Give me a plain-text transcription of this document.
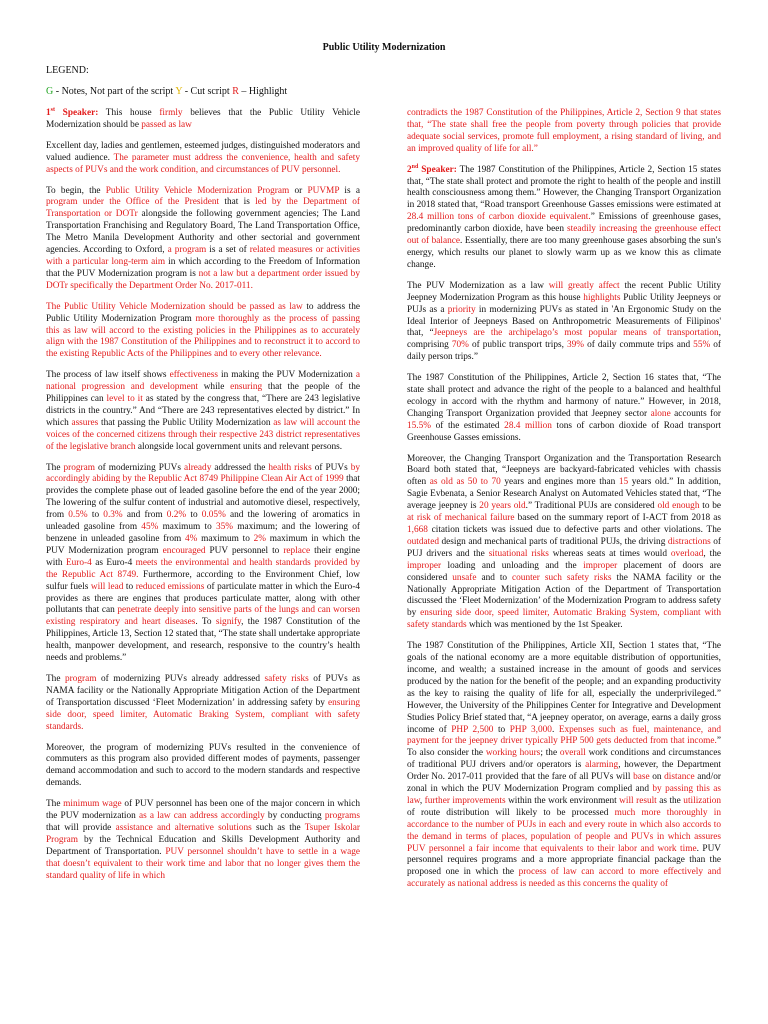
Public Utility Modernization
LEGEND:
G - Notes, Not part of the script Y - Cut script R – Highlight

1st Speaker: This house firmly believes that the Public Utility Vehicle Modernization should be passed as law

Excellent day, ladies and gentlemen, esteemed judges, distinguished moderators and valued audience. The parameter must address the convenience, health and safety aspects of PUVs and the work condition, and circumstances of PUV personnel.

To begin, the Public Utility Vehicle Modernization Program or PUVMP is a program under the Office of the President that is led by the Department of Transportation or DOTr alongside the following government agencies; The Land Transportation Franchising and Regulatory Board, The Land Transportation Office, The Metro Manila Development Authority and other sectorial and government agencies. According to Oxford, a program is a set of related measures or activities with a particular long-term aim in which according to the Freedom of Information that the PUV Modernization program is not a law but a department order issued by DOTr specifically the Department Order No. 2017-011.

The Public Utility Vehicle Modernization should be passed as law to address the Public Utility Modernization Program more thoroughly as the process of passing this as law will accord to the existing policies in the Philippines as to accurately align with the 1987 Constitution of the Philippines and to reconstruct it to accord to the existing Republic Acts of the Philippines and to every other relevance.

The process of law itself shows effectiveness in making the PUV Modernization a national progression and development while ensuring that the people of the Philippines can level to it as stated by the congress that, “There are 243 legislative districts in the country.” And “There are 243 representatives elected by district.” In which assures that passing the Public Utility Modernization as law will account the voices of the concerned citizens through their respective 243 district representatives of the legislative branch alongside local government units and relevant persons.

The program of modernizing PUVs already addressed the health risks of PUVs by accordingly abiding by the Republic Act 8749 Philippine Clean Air Act of 1999 that provides the complete phase out of leaded gasoline before the end of the year 2000; The lowering of the sulfur content of industrial and automotive diesel, respectively, from 0.5% to 0.3% and from 0.2% to 0.05% and the lowering of aromatics in unleaded gasoline from 45% maximum to 35% maximum; and the lowering of benzene in unleaded gasoline from 4% maximum to 2% maximum in which the PUV Modernization program encouraged PUV personnel to replace their engine with Euro-4 as Euro-4 meets the environmental and health standards provided by the Republic Act 8749. Furthermore, according to the Environment Chief, low sulfur fuels will lead to reduced emissions of particulate matter in which the Euro-4 provides as there are engines that produces particulate matter, along with other pollutants that can penetrate deeply into sensitive parts of the lungs and can worsen existing respiratory and heart diseases. To signify, the 1987 Constitution of the Philippines, Article 13, Section 12 stated that, “The state shall undertake appropriate health, manpower development, and research, responsive to the country’s health needs and problems.”

The program of modernizing PUVs already addressed safety risks of PUVs as NAMA facility or the Nationally Appropriate Mitigation Action of the Department of Transportation discussed ‘Fleet Modernization’ in addressing safety by ensuring side door, speed limiter, Automatic Braking System, compliant with safety standards.

Moreover, the program of modernizing PUVs resulted in the convenience of commuters as this program also provided different modes of payments, passenger demand accommodation and such to accord to the modern standards and respective demands.

The minimum wage of PUV personnel has been one of the major concern in which the PUV modernization as a law can address accordingly by conducting programs that will provide assistance and alternative solutions such as the Tsuper Iskolar Program by the Technical Education and Skills Development Authority and Department of Transportation. PUV personnel shouldn’t have to settle in a wage that doesn’t equivalent to their work time and labor that no longer gives them the standard quality of life in which

contradicts the 1987 Constitution of the Philippines, Article 2, Section 9 that states that, “The state shall free the people from poverty through policies that provide adequate social services, promote full employment, a rising standard of living, and an improved quality of life for all.”

2nd Speaker: The 1987 Constitution of the Philippines, Article 2, Section 15 states that, “The state shall protect and promote the right to health of the people and instill health consciousness among them.” However, the Changing Transport Organization in 2018 stated that, “Road transport Greenhouse Gasses emissions were estimated at 28.4 million tons of carbon dioxide equivalent.” Emissions of greenhouse gases, predominantly carbon dioxide, have been steadily increasing the greenhouse effect out of balance. Essentially, there are too many greenhouse gases absorbing the sun's energy, which results our planet to slowly warm up as we know this as climate change.

The PUV Modernization as a law will greatly affect the recent Public Utility Jeepney Modernization Program as this house highlights Public Utility Jeepneys or PUJs as a priority in modernizing PUVs as stated in 'An Ergonomic Study on the Ideal Interior of Jeepneys Based on Anthropometric Measurements of Filipinos' that, “Jeepneys are the archipelago’s most popular means of transportation, comprising 70% of public transport trips, 39% of daily commute trips and 55% of daily person trips.”

The 1987 Constitution of the Philippines, Article 2, Section 16 states that, “The state shall protect and advance the right of the people to a balanced and healthful ecology in accord with the rhythm and harmony of nature.” However, in 2018, Changing Transport Organization provided that Jeepney sector alone accounts for 15.5% of the estimated 28.4 million tons of carbon dioxide of Road transport Greenhouse Gasses emissions.

Moreover, the Changing Transport Organization and the Transportation Research Board both stated that, “Jeepneys are backyard-fabricated vehicles with chassis often as old as 50 to 70 years and engines more than 15 years old.” In addition, Sagie Evbenata, a Senior Research Analyst on Automated Vehicles stated that, “The average jeepney is 20 years old.” Traditional PUJs are considered old enough to be at risk of mechanical failure based on the summary report of I-ACT from 2018 as 1,668 citation tickets was issued due to defective parts and other violations. The outdated design and mechanical parts of traditional PUJs, the driving distractions of PUJ drivers and the situational risks whereas seats at times would overload, the improper loading and unloading and the improper placement of doors are considered unsafe and to counter such safety risks the NAMA facility or the Nationally Appropriate Mitigation Action of the Department of Transportation discussed the ‘Fleet Modernization’ of the Modernization Program to address safety by ensuring side door, speed limiter, Automatic Braking System, compliant with safety standards which was mentioned by the 1st Speaker.

The 1987 Constitution of the Philippines, Article XII, Section 1 states that, “The goals of the national economy are a more equitable distribution of opportunities, income, and wealth; a sustained increase in the amount of goods and services produced by the nation for the benefit of the people; and an expanding productivity as the key to raising the quality of life for all, especially the underprivileged.” However, the University of the Philippines Center for Integrative and Development Studies Policy Brief stated that, “A jeepney operator, on average, earns a daily gross income of PHP 2,500 to PHP 3,000. Expenses such as fuel, maintenance, and payment for the jeepney driver typically PHP 500 gets deducted from that income.” To also consider the working hours; the overall work conditions and circumstances of traditional PUJ drivers and/or operators is alarming, however, the Department Order No. 2017-011 provided that the fare of all PUVs will base on distance and/or zonal in which the PUV Modernization Program complied and by passing this as law, further improvements within the work environment will result as the utilization of route distribution will likely to be processed much more thoroughly in accordance to the number of PUJs in each and every route in which also accords to the demand in terms of places, population of people and PUVs in which assures PUV personnel a fair income that equivalents to their labor and work time. PUV personnel requires programs and a more appropriate financial package than the proposed one in which the process of law can accord to more effectively and accurately as national address is needed as this concerns the quality of
